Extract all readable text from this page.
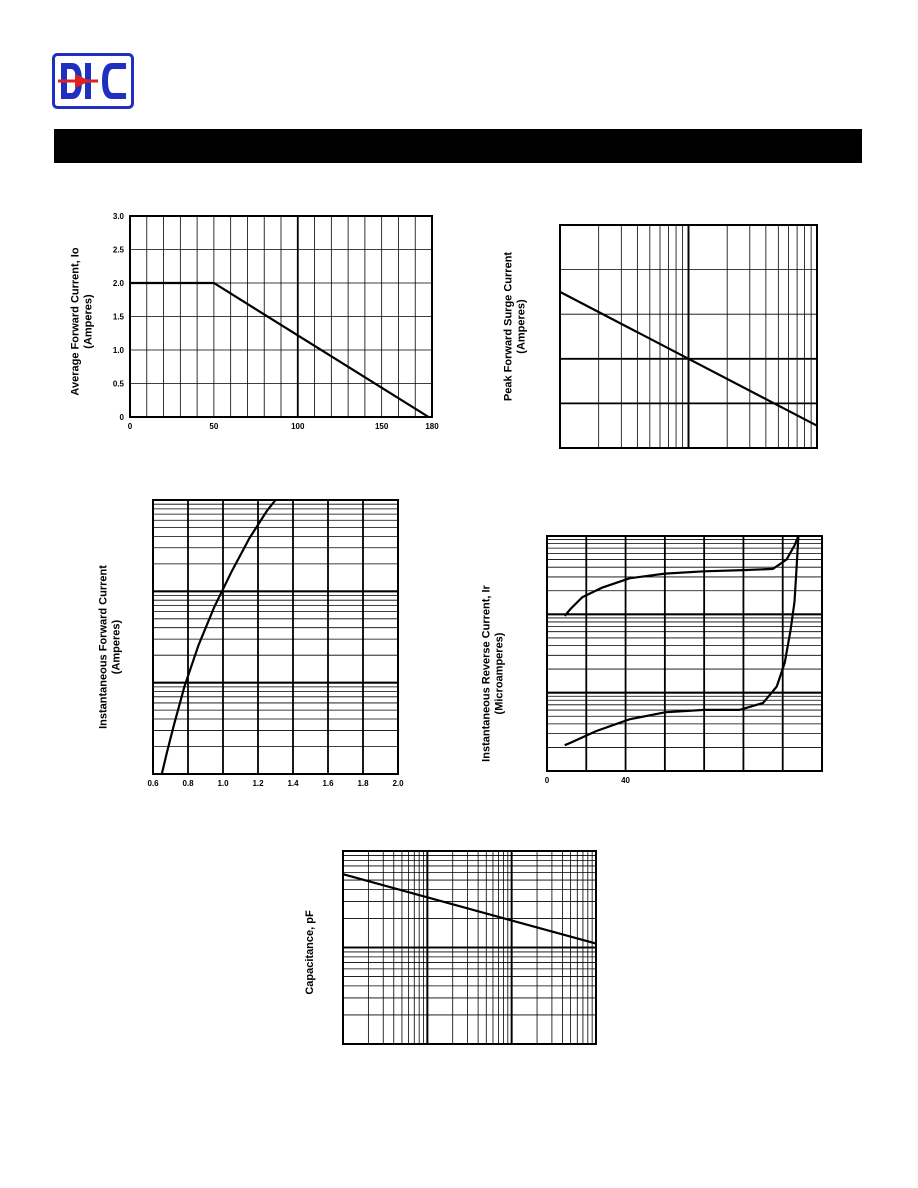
0	50	100	150	180
0
0.5
1.0
1.5
2.0
2.5
3.0
Average Forward Current, Io(Amperes)	Peak Forward Surge Current(Amperes)
0.6	0.8	1.0	1.2	1.4	1.6	1.8	2.0
Instantaneous Forward Current(Amperes)
0	40
Instantaneous Reverse Current, Ir(Microamperes)
Capacitance, pF
